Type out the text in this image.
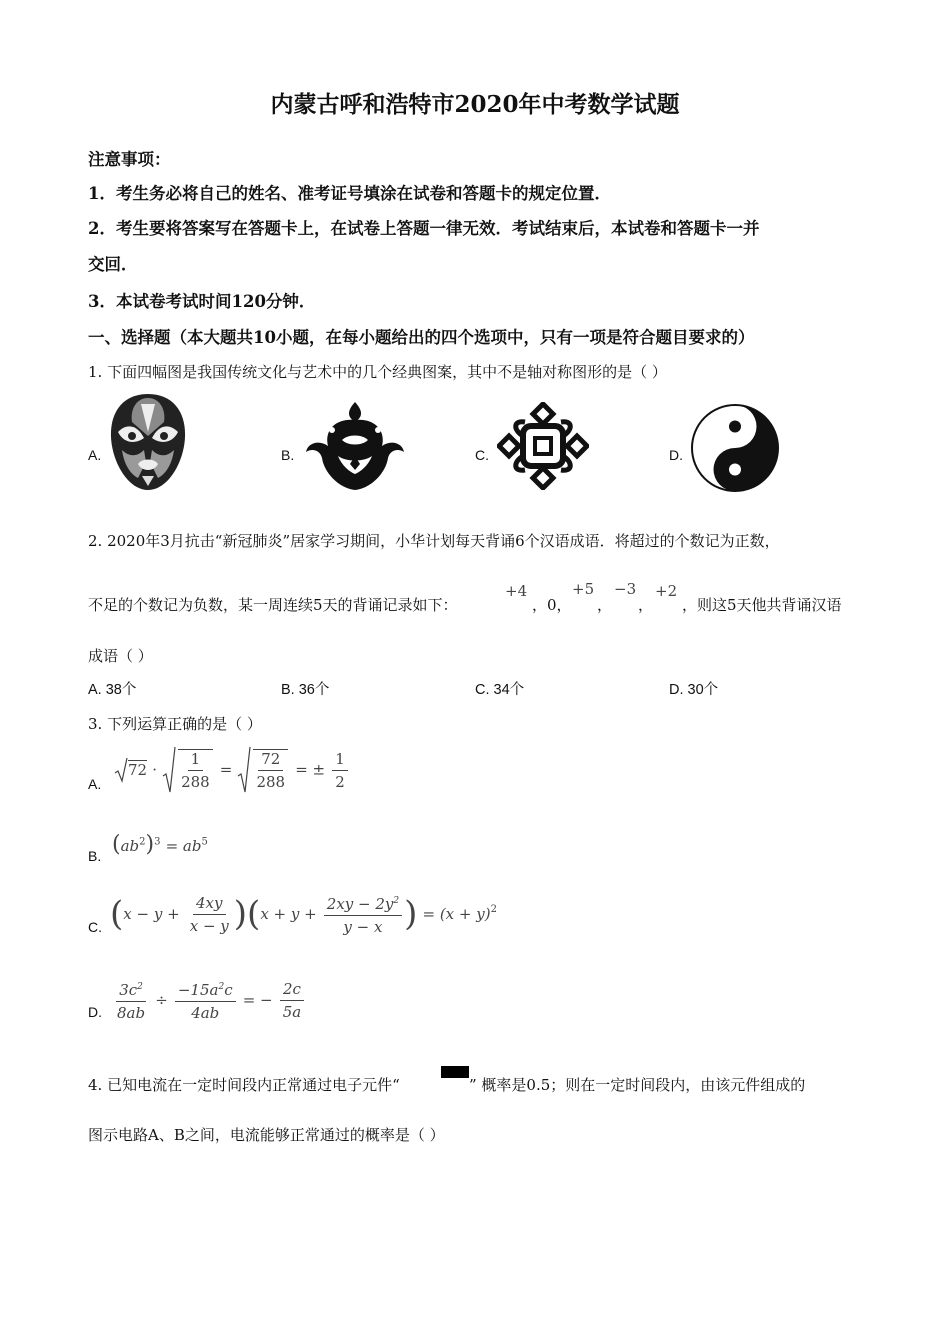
内蒙古呼和浩特市2020年中考数学试题
注意事项：
1．考生务必将自己的姓名、准考证号填涂在试卷和答题卡的规定位置．
2．考生要将答案写在答题卡上，在试卷上答题一律无效．考试结束后，本试卷和答题卡一并
交回．
3．本试卷考试时间120分钟．
一、选择题（本大题共10小题，在每小题给出的四个选项中，只有一项是符合题目要求的）
1. 下面四幅图是我国传统文化与艺术中的几个经典图案，其中不是轴对称图形的是（ ）
A.	B.	C.	D.
2. 2020年3月抗击“新冠肺炎”居家学习期间，小华计划每天背诵6个汉语成语．将超过的个数记为正数，
不足的个数记为负数，某一周连续5天的背诵记录如下：
+4
，0，
+5
，
−3
，
+2
，则这5天他共背诵汉语
成语（ ）
A. 38个	B. 36个	C. 34个	D. 30个
3. 下列运算正确的是（ ）
A.
$72 \cdot \frac{1}{288} = \frac{72}{288}$ = ± $\frac{1}{2}$
B. $(ab^2)^3 = ab^5$
C. $(x - y + \frac{4xy}{x - y} )(x + y + \frac{2xy - 2y^2}{y - x}$ ) = $(x + y)^2$
D. $\frac{3c^2}{8ab} \div \frac{-15a^2c}{4ab}$ = − $\frac{2c}{5a}$
4. 已知电流在一定时间段内正常通过电子元件“	” 概率是0.5；则在一定时间段内，由该元件组成的
图示电路A、B之间，电流能够正常通过的概率是（ ）
